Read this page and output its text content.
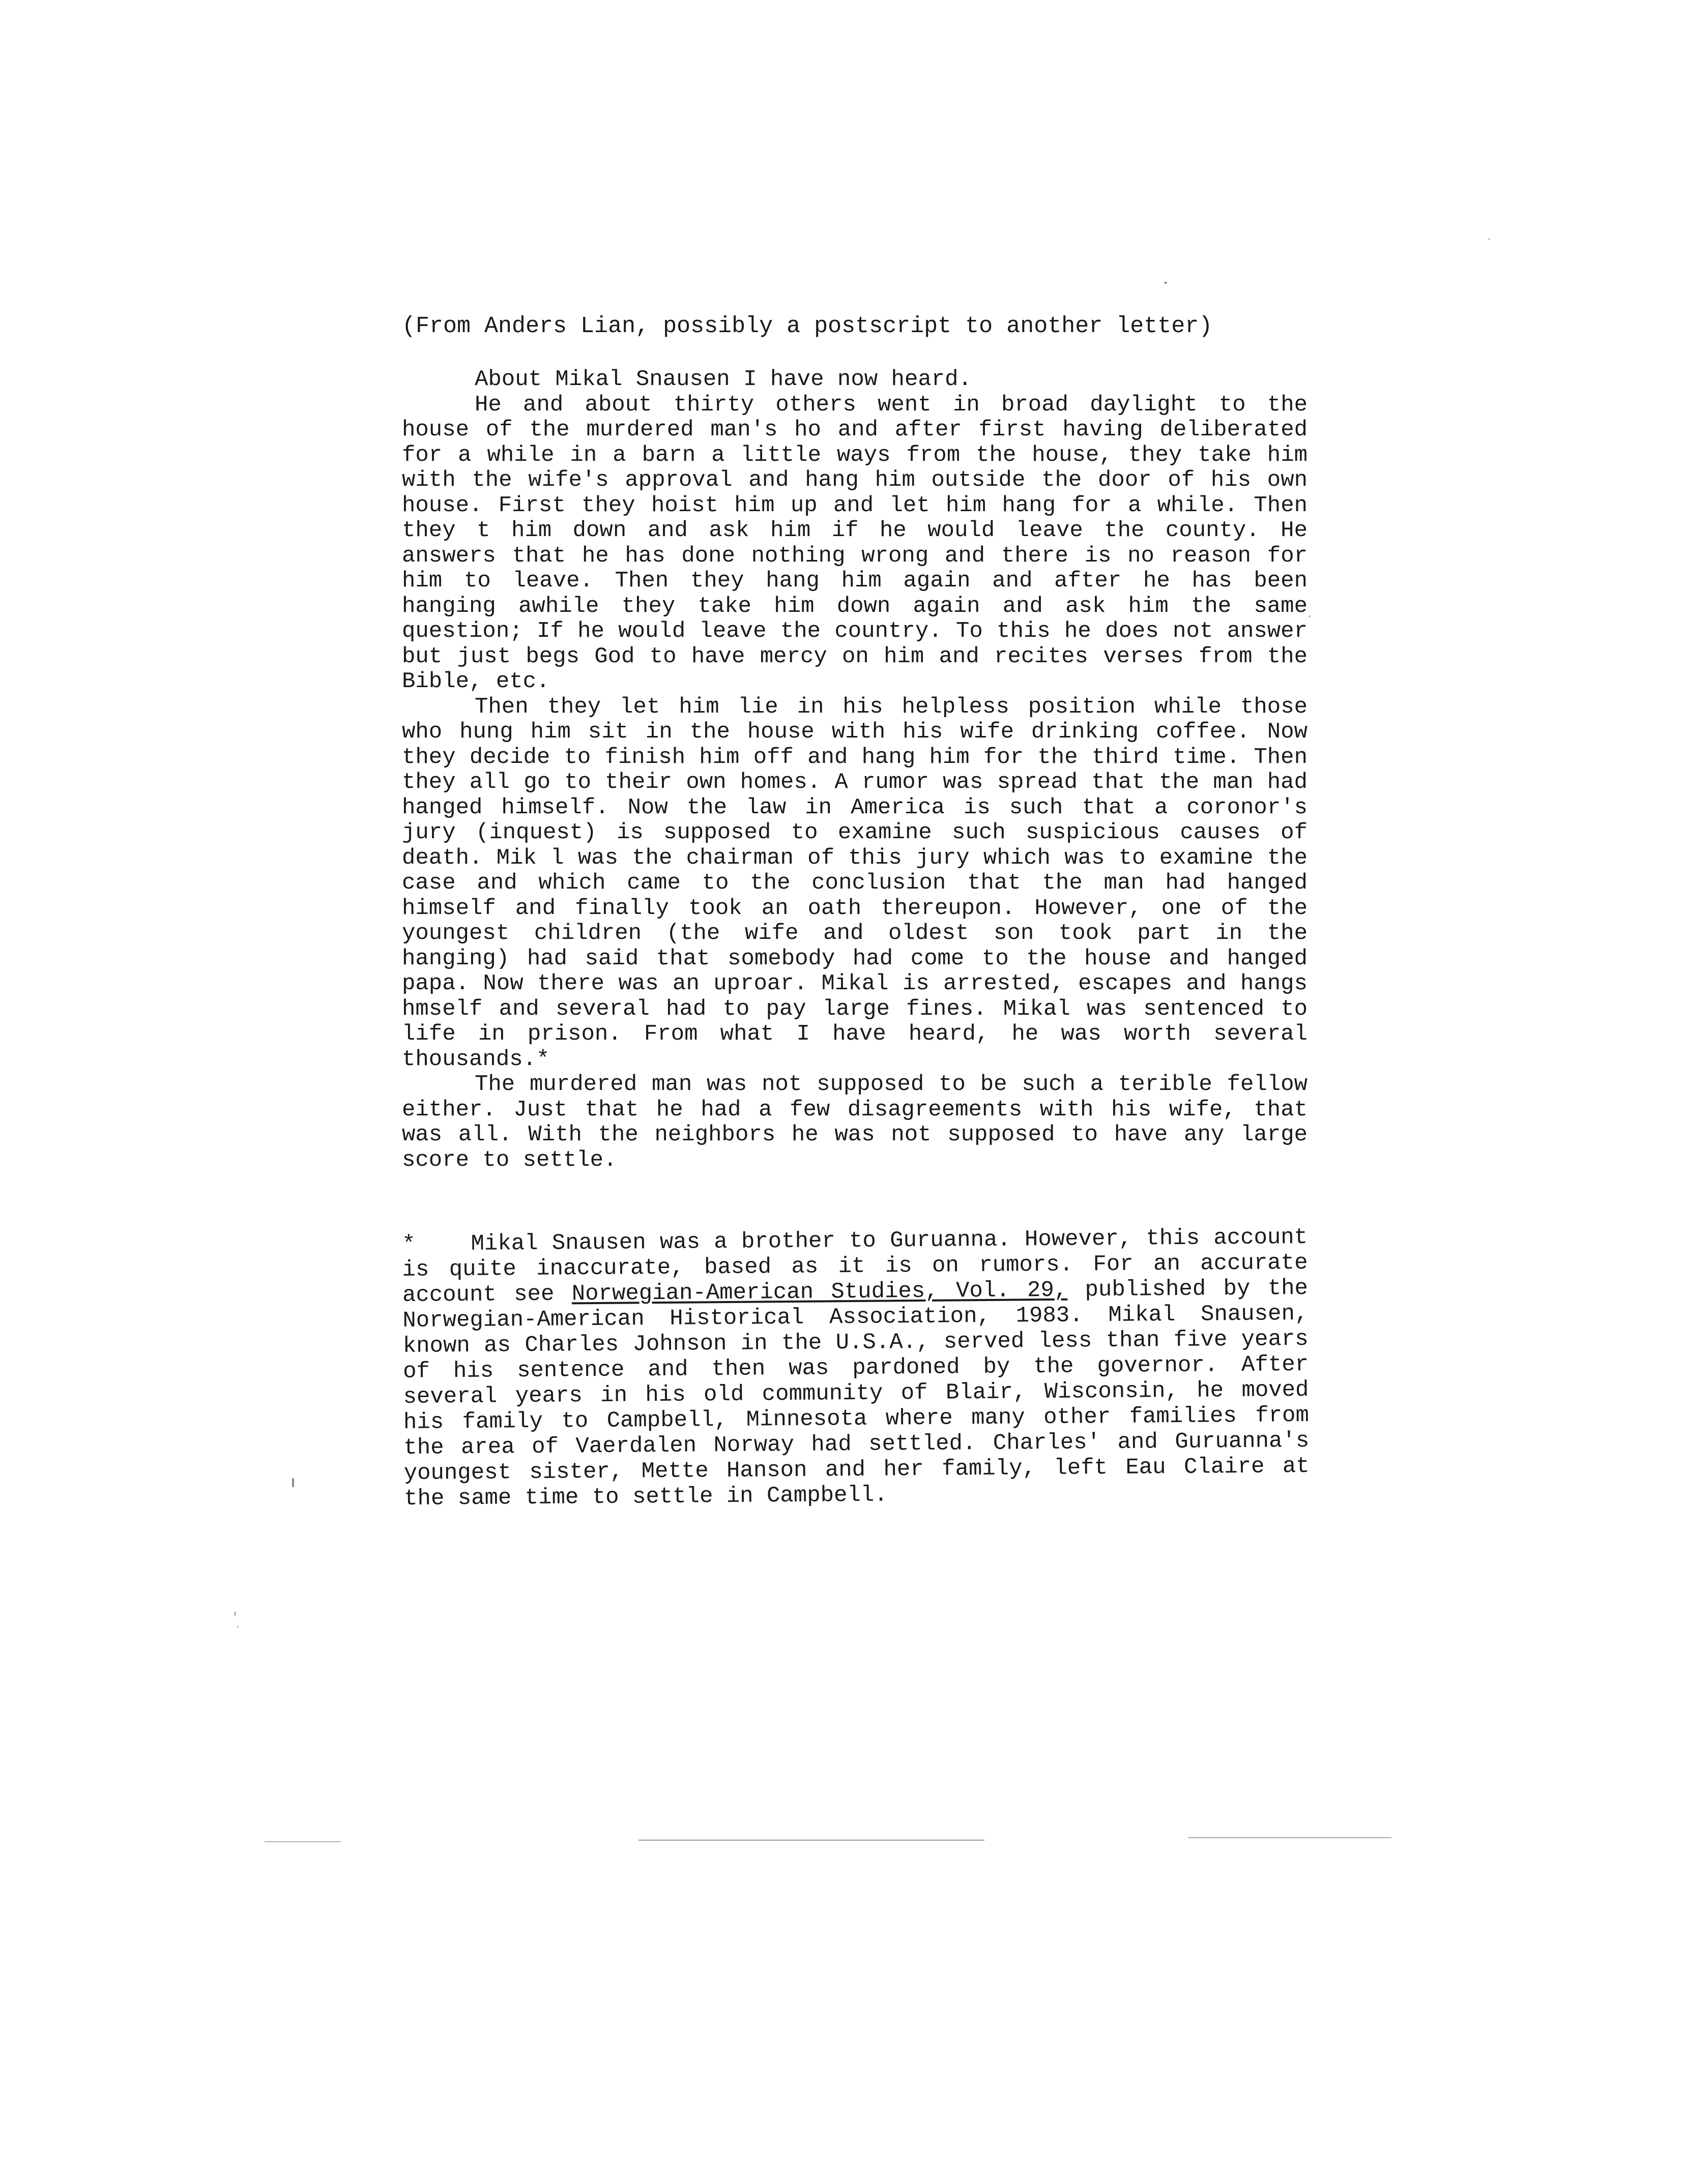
(From Anders Lian, possibly a postscript to another letter)

About Mikal Snausen I have now heard.

He and about thirty others went in broad daylight to the house of the murdered man's ho and after first having deliberated for a while in a barn a little ways from the house, they take him with the wife's approval and hang him outside the door of his own house. First they hoist him up and let him hang for a while. Then they t him down and ask him if he would leave the county. He answers that he has done nothing wrong and there is no reason for him to leave. Then they hang him again and after he has been hanging awhile they take him down again and ask him the same question; If he would leave the country. To this he does not answer but just begs God to have mercy on him and recites verses from the Bible, etc.

Then they let him lie in his helpless position while those who hung him sit in the house with his wife drinking coffee. Now they decide to finish him off and hang him for the third time. Then they all go to their own homes. A rumor was spread that the man had hanged himself. Now the law in America is such that a coronor's jury (inquest) is supposed to examine such suspicious causes of death. Mik l was the chairman of this jury which was to examine the case and which came to the conclusion that the man had hanged himself and finally took an oath thereupon. However, one of the youngest children (the wife and oldest son took part in the hanging) had said that somebody had come to the house and hanged papa. Now there was an uproar. Mikal is arrested, escapes and hangs hmself and several had to pay large fines. Mikal was sentenced to life in prison. From what I have heard, he was worth several thousands.*

The murdered man was not supposed to be such a terible fellow either. Just that he had a few disagreements with his wife, that was all. With the neighbors he was not supposed to have any large score to settle.

* Mikal Snausen was a brother to Guruanna. However, this account is quite inaccurate, based as it is on rumors. For an accurate account see Norwegian-American Studies, Vol. 29, published by the Norwegian-American Historical Association, 1983. Mikal Snausen, known as Charles Johnson in the U.S.A., served less than five years of his sentence and then was pardoned by the governor. After several years in his old community of Blair, Wisconsin, he moved his family to Campbell, Minnesota where many other families from the area of Vaerdalen Norway had settled. Charles' and Guruanna's youngest sister, Mette Hanson and her family, left Eau Claire at the same time to settle in Campbell.
